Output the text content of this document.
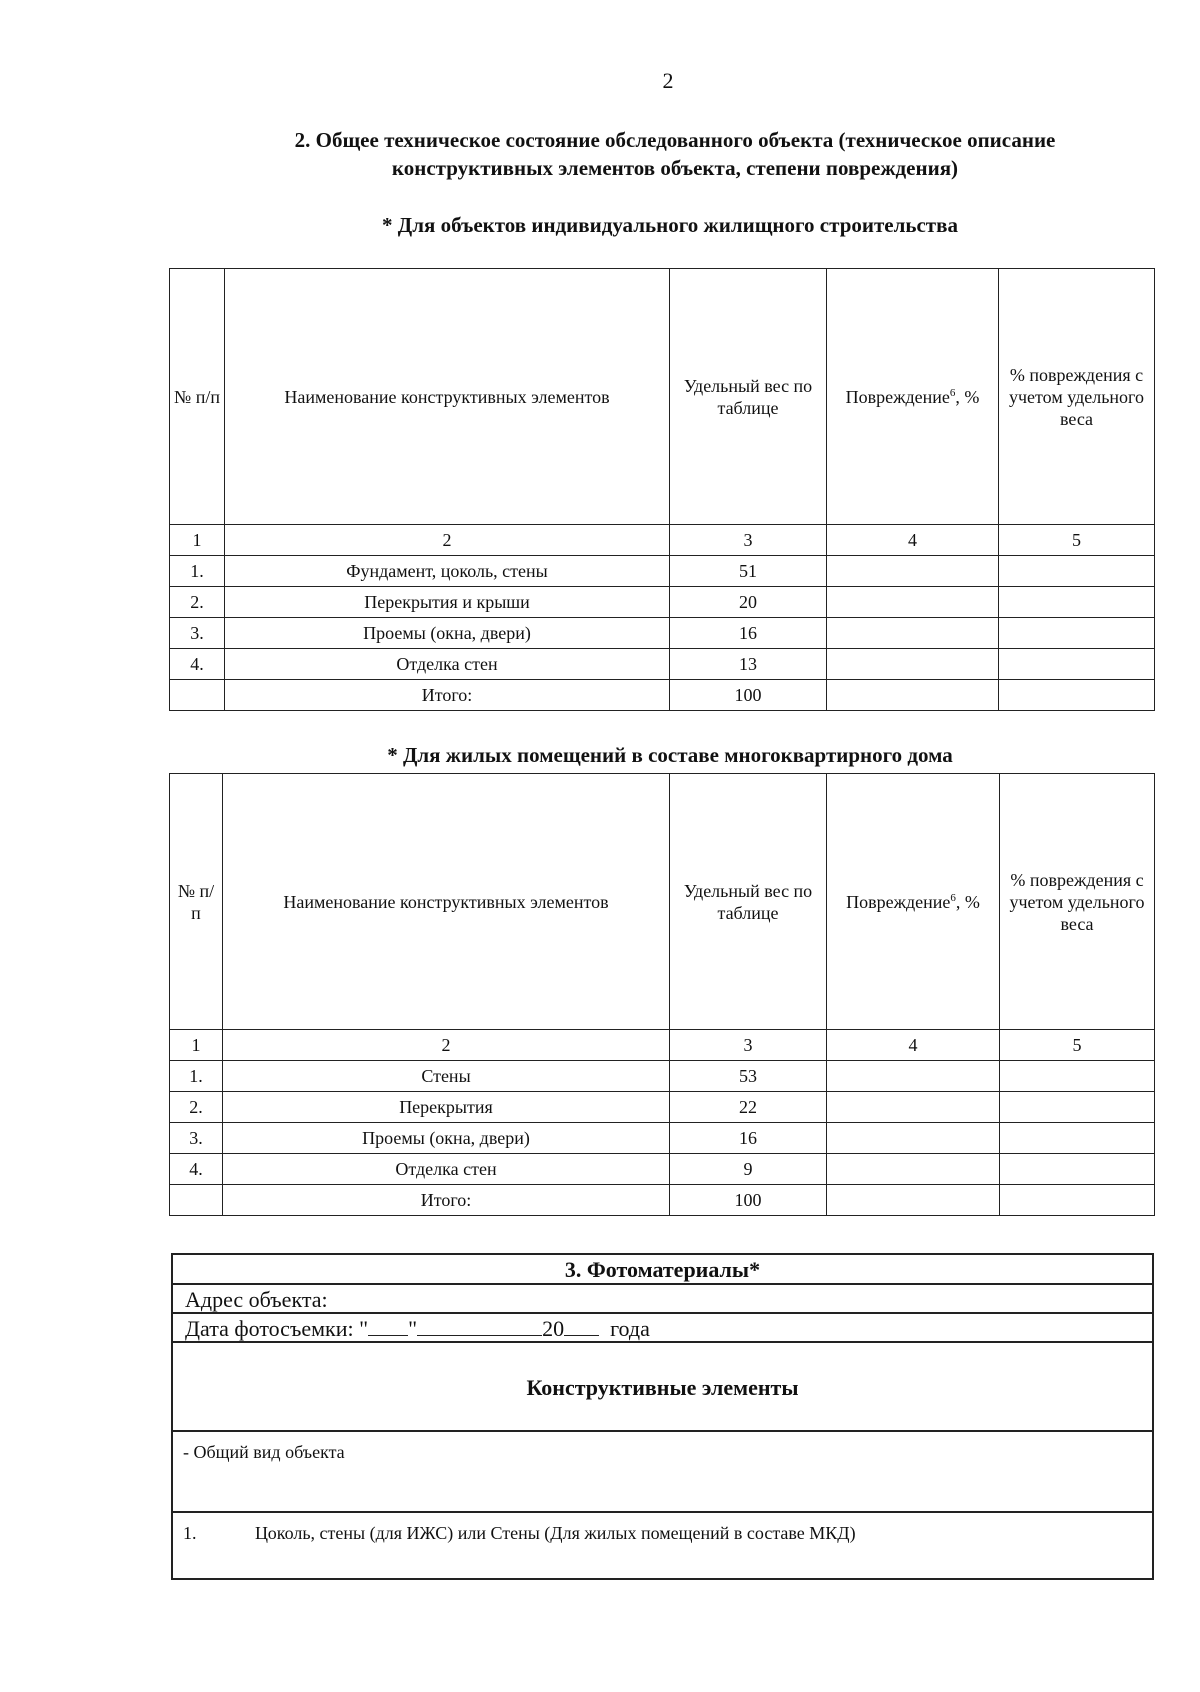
2
2. Общее техническое состояние обследованного объекта (техническое описание конструктивных элементов объекта, степени повреждения)
* Для объектов индивидуального жилищного строительства
№ п/п	Наименование конструктивных элементов	Удельный вес по таблице	Повреждение$^6$, %	% повреждения с учетом удельного веса
1	2	3	4	5
1.	Фундамент, цоколь, стены	51		
2.	Перекрытия и крыши	20		
3.	Проемы (окна, двери)	16		
4.	Отделка стен	13		
	Итого:	100		
* Для жилых помещений в составе многоквартирного дома
№ п/п	Наименование конструктивных элементов	Удельный вес по таблице	Повреждение$^6$, %	% повреждения с учетом удельного веса
1	2	3	4	5
1.	Стены	53		
2.	Перекрытия	22		
3.	Проемы (окна, двери)	16		
4.	Отделка стен	9		
	Итого:	100		
3. Фотоматериалы*
Адрес объекта:
Дата фотосъемки: " "	20 года
Конструктивные элементы
- Общий вид объекта
1.	Цоколь, стены (для ИЖС) или Стены (Для жилых помещений в составе МКД)
